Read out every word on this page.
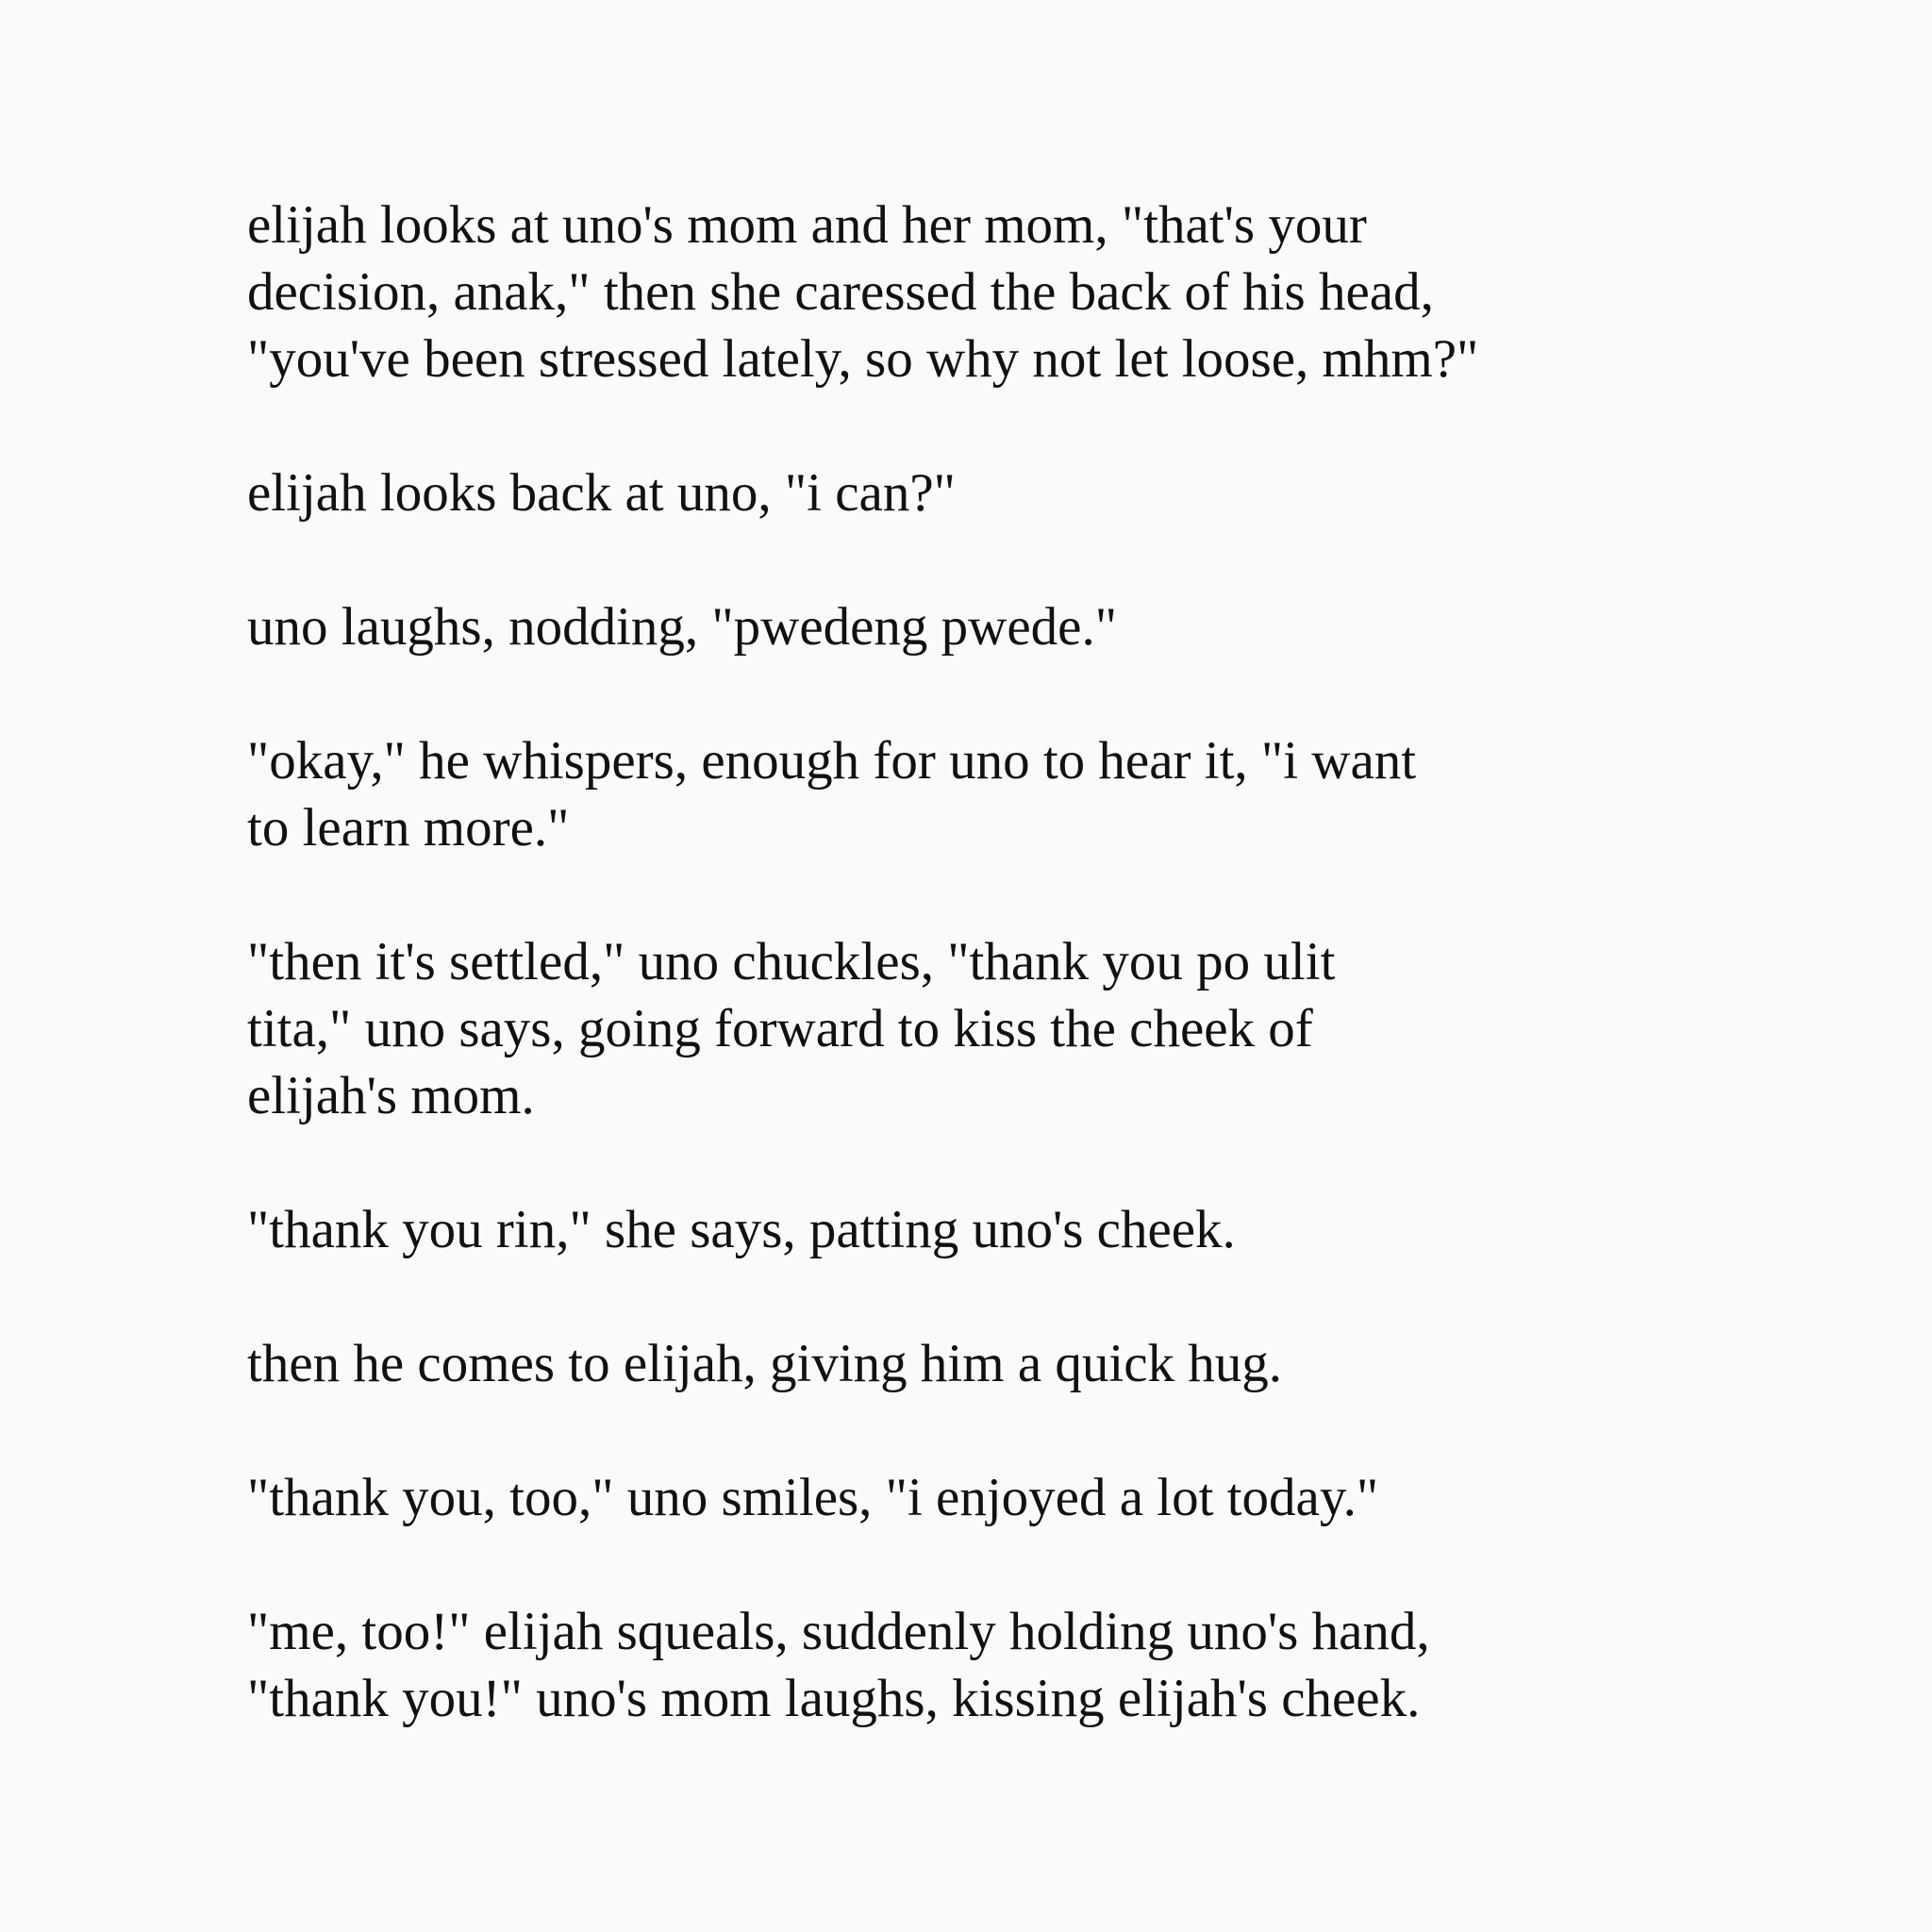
elijah looks at uno's mom and her mom, "that's your
decision, anak," then she caressed the back of his head,
"you've been stressed lately, so why not let loose, mhm?"
elijah looks back at uno, "i can?"
uno laughs, nodding, "pwedeng pwede."
"okay," he whispers, enough for uno to hear it, "i want
to learn more."
"then it's settled," uno chuckles, "thank you po ulit
tita," uno says, going forward to kiss the cheek of
elijah's mom.
"thank you rin," she says, patting uno's cheek.
then he comes to elijah, giving him a quick hug.
"thank you, too," uno smiles, "i enjoyed a lot today."
"me, too!" elijah squeals, suddenly holding uno's hand,
"thank you!" uno's mom laughs, kissing elijah's cheek.
